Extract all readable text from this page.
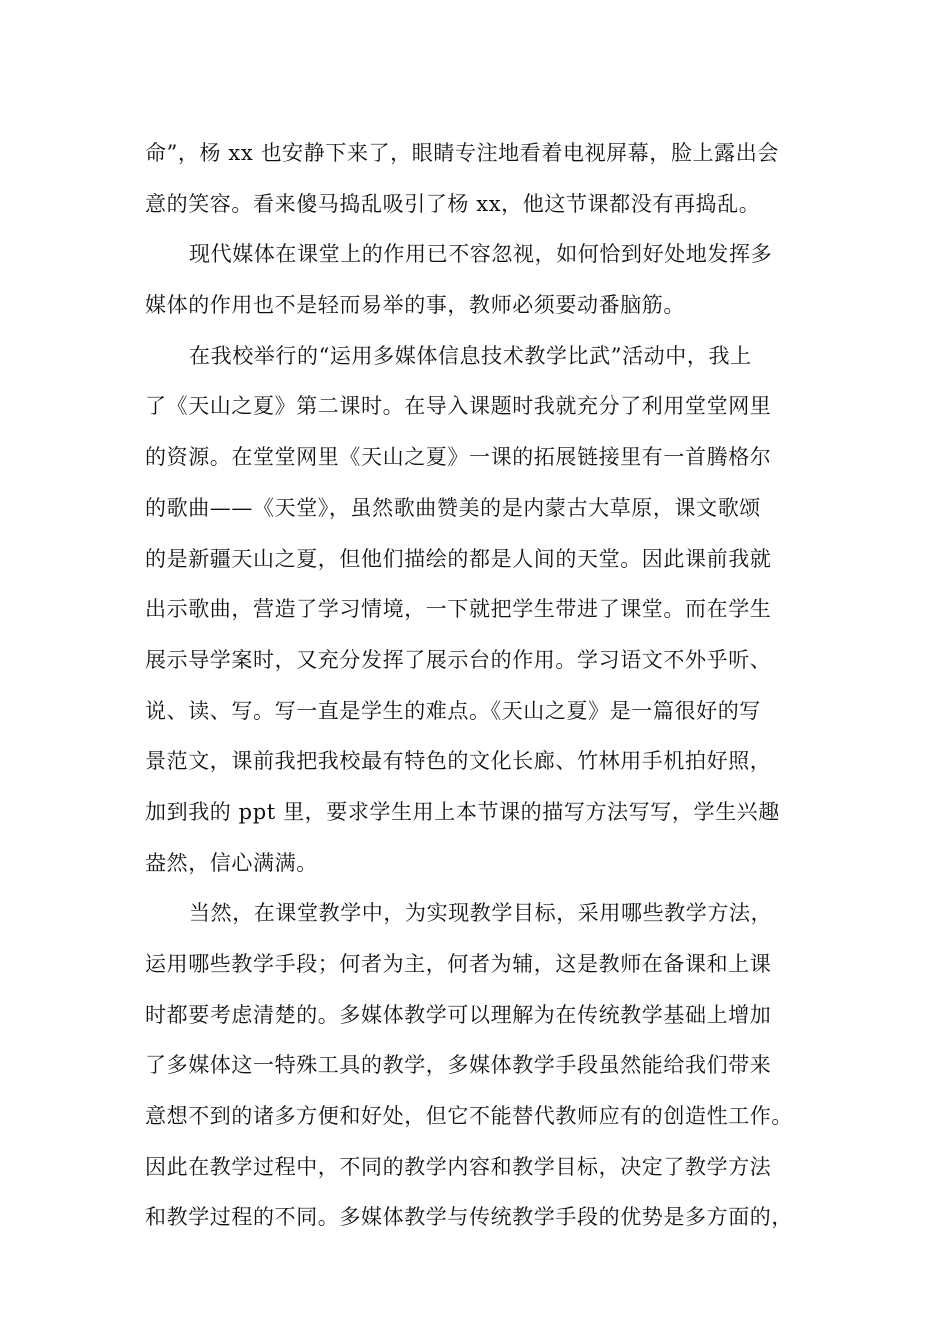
命”，杨 xx 也安静下来了，眼睛专注地看着电视屏幕，脸上露出会
意的笑容。看来傻马捣乱吸引了杨 xx，他这节课都没有再捣乱。
现代媒体在课堂上的作用已不容忽视，如何恰到好处地发挥多
媒体的作用也不是轻而易举的事，教师必须要动番脑筋。
在我校举行的“运用多媒体信息技术教学比武”活动中，我上
了《天山之夏》第二课时。在导入课题时我就充分了利用堂堂网里
的资源。在堂堂网里《天山之夏》一课的拓展链接里有一首腾格尔
的歌曲——《天堂》，虽然歌曲赞美的是内蒙古大草原，课文歌颂
的是新疆天山之夏，但他们描绘的都是人间的天堂。因此课前我就
出示歌曲，营造了学习情境，一下就把学生带进了课堂。而在学生
展示导学案时，又充分发挥了展示台的作用。学习语文不外乎听、
说、读、写。写一直是学生的难点。《天山之夏》是一篇很好的写
景范文，课前我把我校最有特色的文化长廊、竹林用手机拍好照，
加到我的 ppt 里，要求学生用上本节课的描写方法写写，学生兴趣
盎然，信心满满。
当然，在课堂教学中，为实现教学目标，采用哪些教学方法，
运用哪些教学手段；何者为主，何者为辅，这是教师在备课和上课
时都要考虑清楚的。多媒体教学可以理解为在传统教学基础上增加
了多媒体这一特殊工具的教学，多媒体教学手段虽然能给我们带来
意想不到的诸多方便和好处，但它不能替代教师应有的创造性工作。
因此在教学过程中，不同的教学内容和教学目标，决定了教学方法
和教学过程的不同。多媒体教学与传统教学手段的优势是多方面的，
